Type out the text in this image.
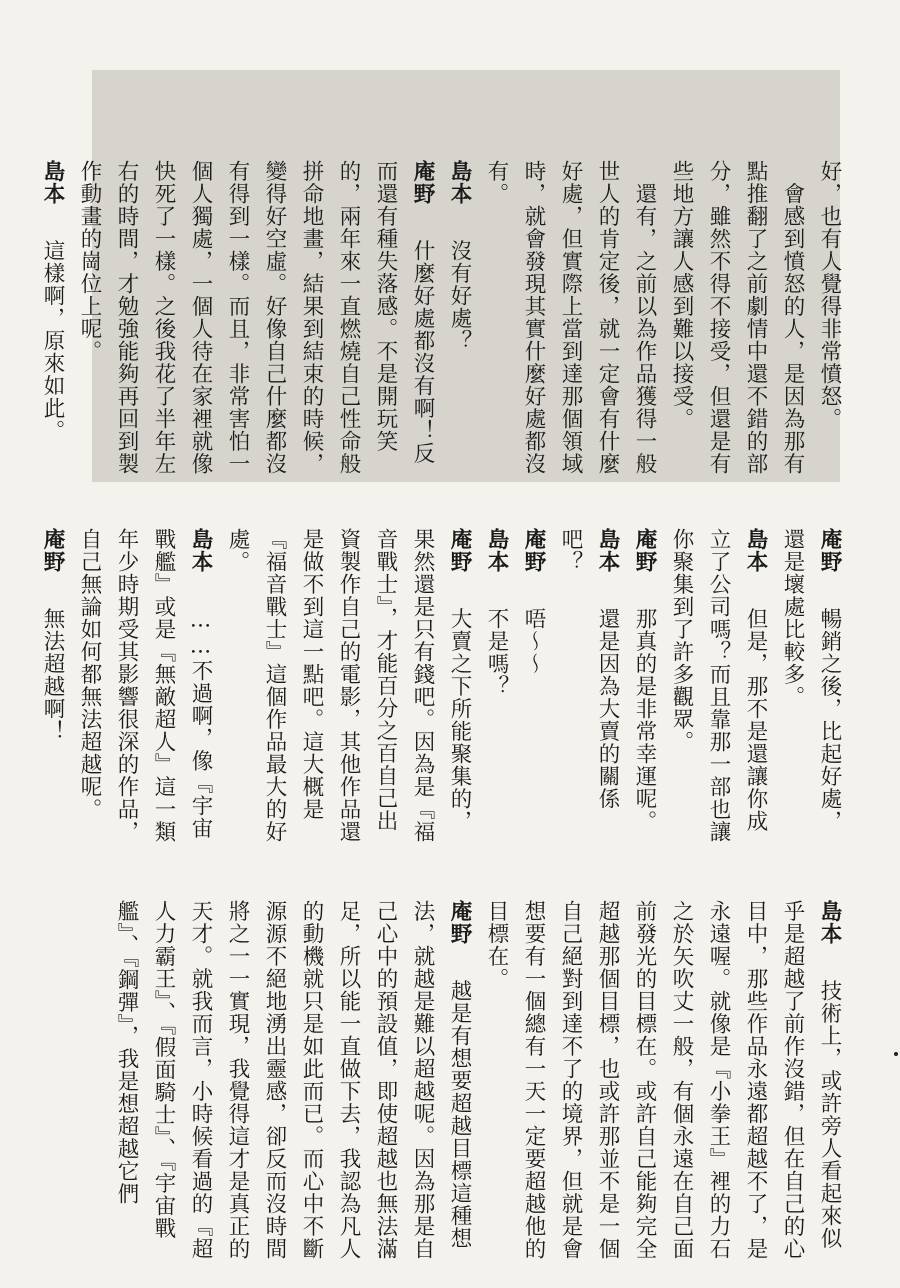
好，也有人覺得非常憤怒。
　會感到憤怒的人，是因為那有點推翻了之前劇情中還不錯的部分，雖然不得不接受，但還是有些地方讓人感到難以接受。
　還有，之前以為作品獲得一般世人的肯定後，就一定會有什麼好處，但實際上當到達那個領域時，就會發現其實什麼好處都沒有。
島本　沒有好處？
庵野　什麼好處都沒有啊！反而還有種失落感。不是開玩笑的，兩年來一直燃燒自己性命般拼命地畫，結果到結束的時候，變得好空虛。好像自己什麼都沒有得到一樣。而且，非常害怕一個人獨處，一個人待在家裡就像快死了一樣。之後我花了半年左右的時間，才勉強能夠再回到製作動畫的崗位上呢。
島本　這樣啊，原來如此。
庵野　暢銷之後，比起好處，還是壞處比較多。
島本　但是，那不是還讓你成立了公司嗎？而且靠那一部也讓你聚集到了許多觀眾。
庵野　那真的是非常幸運呢。
島本　還是因為大賣的關係吧？
庵野　唔～～
島本　不是嗎？
庵野　大賣之下所能聚集的，果然還是只有錢吧。因為是『福音戰士』，才能百分之百自己出資製作自己的電影，其他作品還是做不到這一點吧。這大概是『福音戰士』這個作品最大的好處。
島本　……不過啊，像『宇宙戰艦』或是『無敵超人』這一類年少時期受其影響很深的作品，自己無論如何都無法超越呢。
庵野　無法超越啊！
島本　技術上，或許旁人看起來似乎是超越了前作沒錯，但在自己的心目中，那些作品永遠都超越不了，是永遠喔。就像是『小拳王』裡的力石之於矢吹丈一般，有個永遠在自己面前發光的目標在。或許自己能夠完全超越那個目標，也或許那並不是一個自己絕對到達不了的境界，但就是會想要有一個總有一天一定要超越他的目標在。
庵野　越是有想要超越目標這種想法，就越是難以超越呢。因為那是自己心中的預設值，即使超越也無法滿足，所以能一直做下去，我認為凡人的動機就只是如此而已。而心中不斷源源不絕地湧出靈感，卻反而沒時間將之一一實現，我覺得這才是真正的天才。就我而言，小時候看過的『超人力霸王』、『假面騎士』、『宇宙戰艦』、『鋼彈』，我是想超越它們
